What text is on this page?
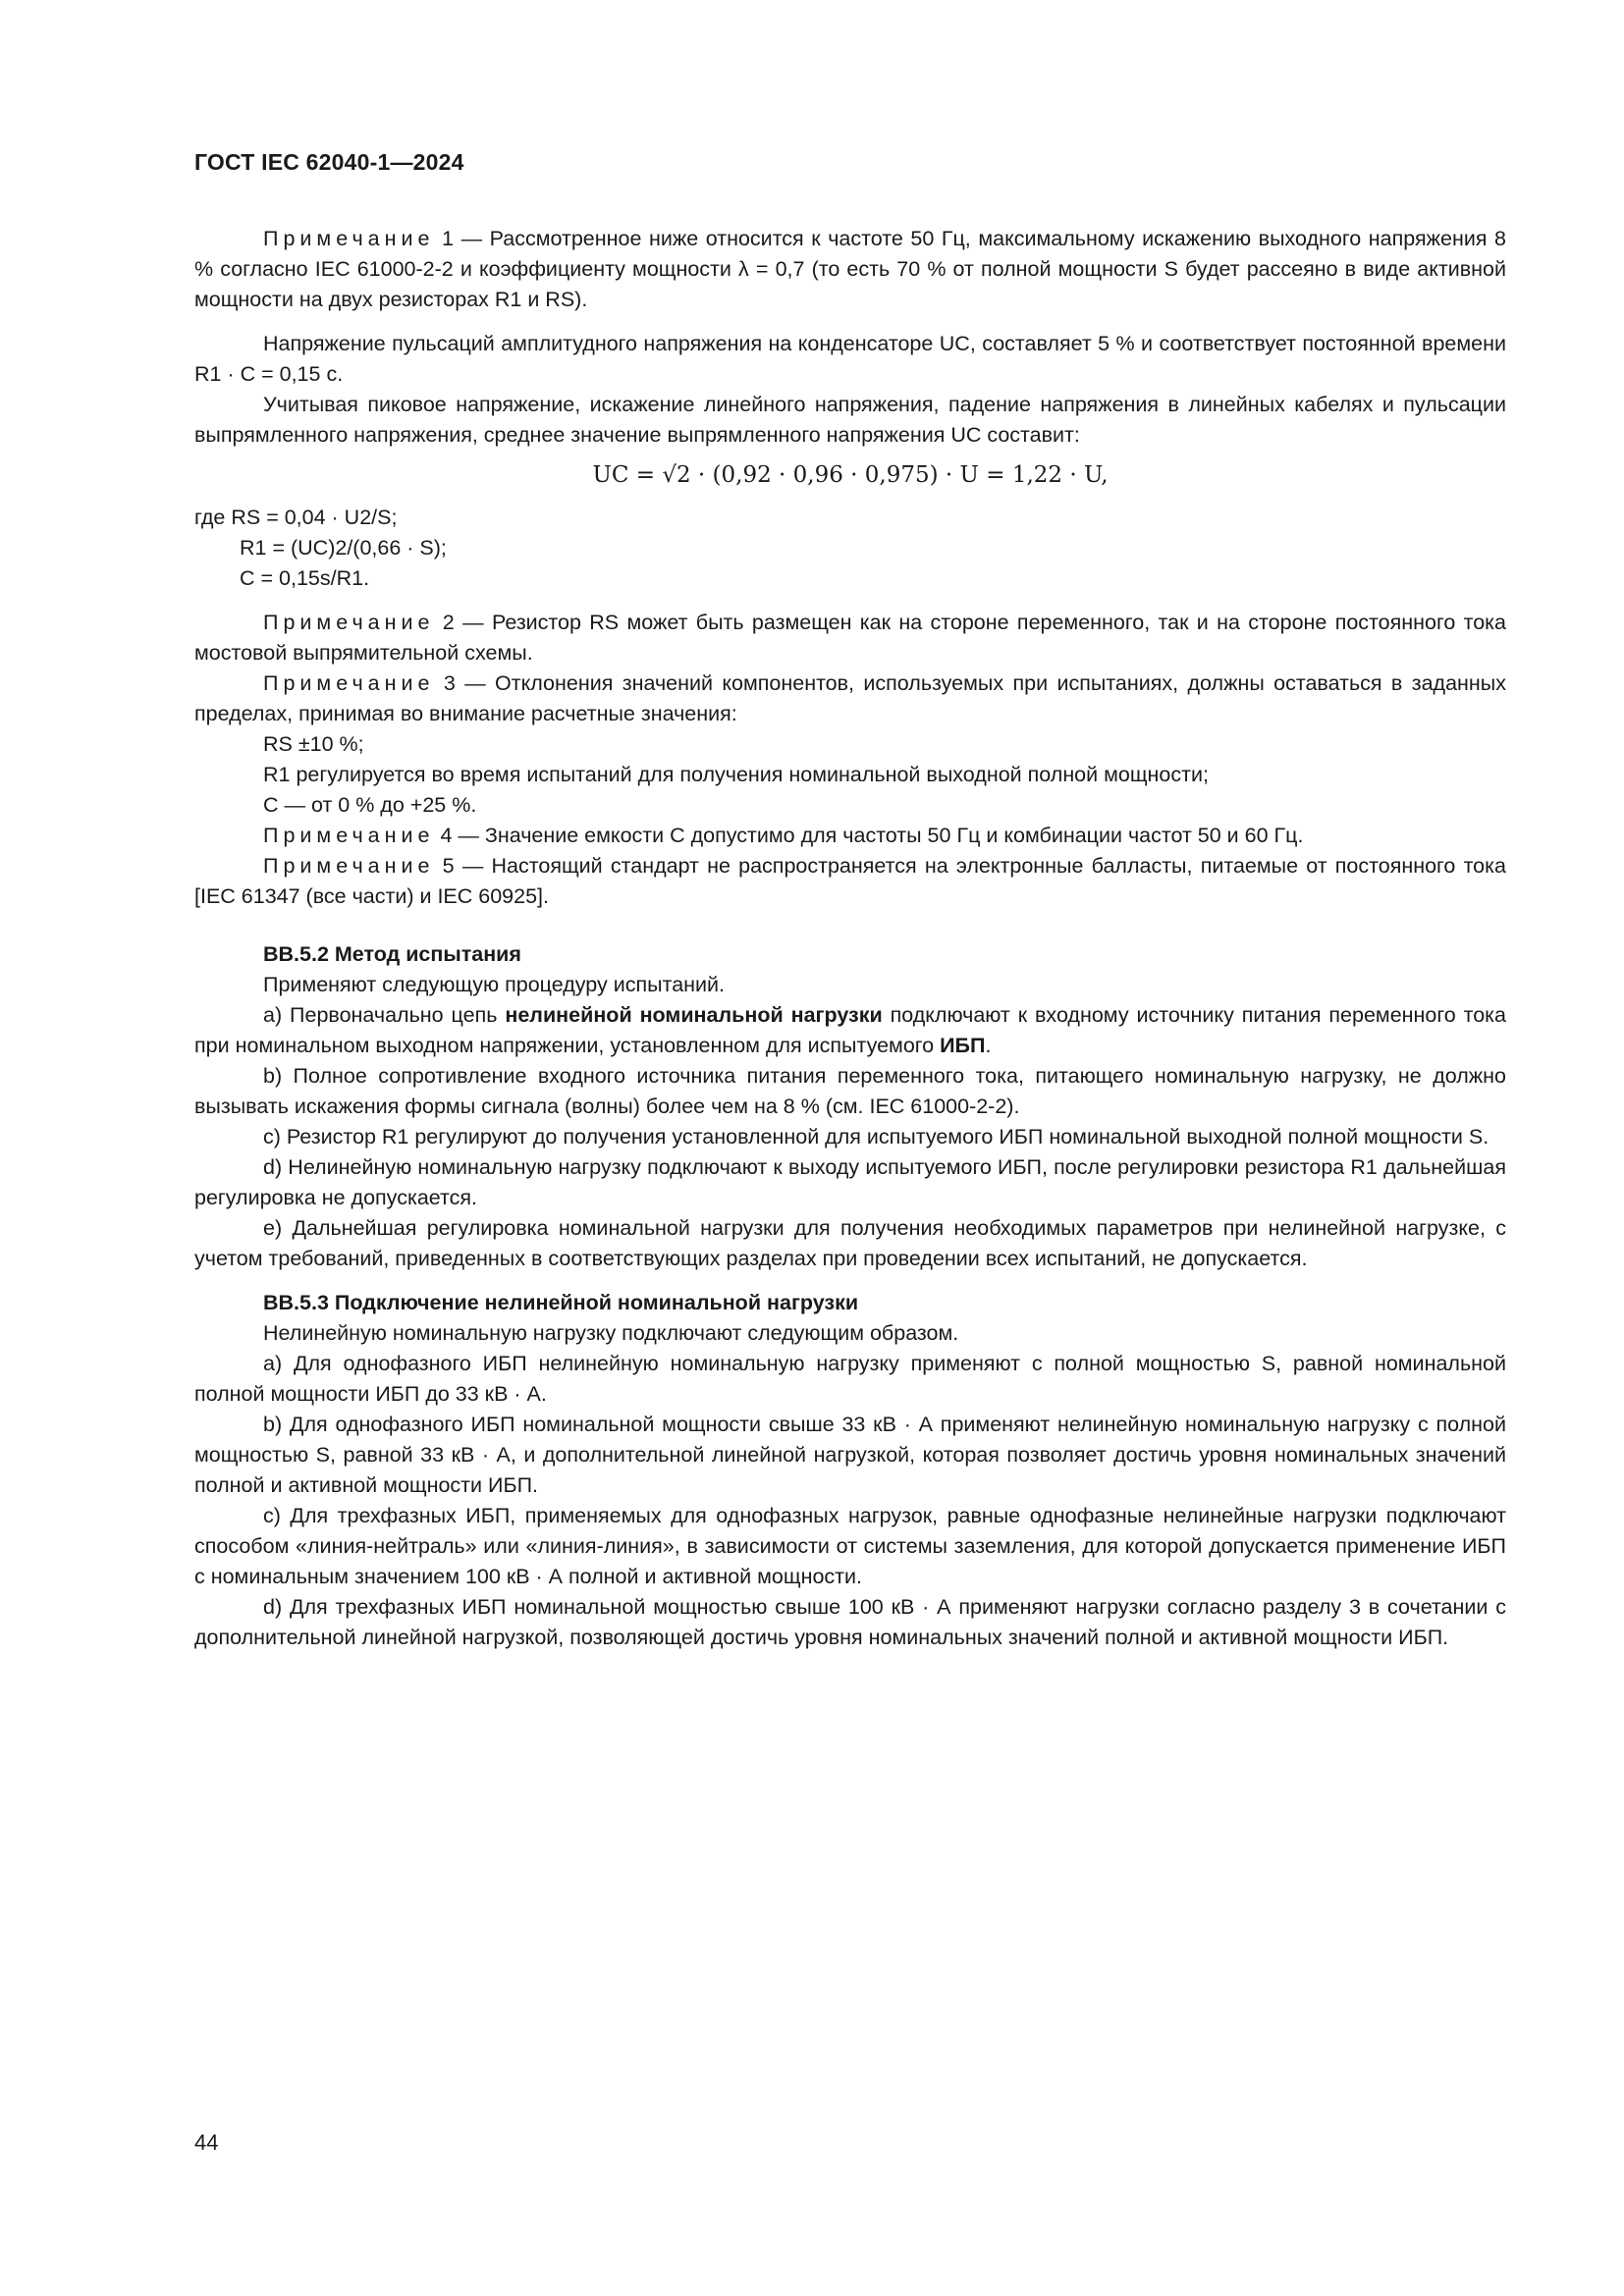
ГОСТ IEC 62040-1—2024

Примечание 1 — Рассмотренное ниже относится к частоте 50 Гц, максимальному искажению выходного напряжения 8 % согласно IEC 61000-2-2 и коэффициенту мощности λ = 0,7 (то есть 70 % от полной мощности S будет рассеяно в виде активной мощности на двух резисторах R1 и RS).

Напряжение пульсаций амплитудного напряжения на конденсаторе UC, составляет 5 % и соответствует постоянной времени R1 · C = 0,15 с.

Учитывая пиковое напряжение, искажение линейного напряжения, падение напряжения в линейных кабелях и пульсации выпрямленного напряжения, среднее значение выпрямленного напряжения UC составит:

UC = √2 · (0,92 · 0,96 · 0,975) · U = 1,22 · U,

где RS = 0,04 · U2/S;

R1 = (UC)2/(0,66 · S);

C = 0,15s/R1.

Примечание 2 — Резистор RS может быть размещен как на стороне переменного, так и на стороне постоянного тока мостовой выпрямительной схемы.

Примечание 3 — Отклонения значений компонентов, используемых при испытаниях, должны оставаться в заданных пределах, принимая во внимание расчетные значения:

RS ±10 %;

R1 регулируется во время испытаний для получения номинальной выходной полной мощности;

C — от 0 % до +25 %.

Примечание 4 — Значение емкости C допустимо для частоты 50 Гц и комбинации частот 50 и 60 Гц.

Примечание 5 — Настоящий стандарт не распространяется на электронные балласты, питаемые от постоянного тока [IEC 61347 (все части) и IEC 60925].

ВВ.5.2 Метод испытания

Применяют следующую процедуру испытаний.

а) Первоначально цепь нелинейной номинальной нагрузки подключают к входному источнику питания переменного тока при номинальном выходном напряжении, установленном для испытуемого ИБП.

b) Полное сопротивление входного источника питания переменного тока, питающего номинальную нагрузку, не должно вызывать искажения формы сигнала (волны) более чем на 8 % (см. IEC 61000-2-2).

c) Резистор R1 регулируют до получения установленной для испытуемого ИБП номинальной выходной полной мощности S.

d) Нелинейную номинальную нагрузку подключают к выходу испытуемого ИБП, после регулировки резистора R1 дальнейшая регулировка не допускается.

e) Дальнейшая регулировка номинальной нагрузки для получения необходимых параметров при нелинейной нагрузке, с учетом требований, приведенных в соответствующих разделах при проведении всех испытаний, не допускается.

ВВ.5.3 Подключение нелинейной номинальной нагрузки

Нелинейную номинальную нагрузку подключают следующим образом.

а) Для однофазного ИБП нелинейную номинальную нагрузку применяют с полной мощностью S, равной номинальной полной мощности ИБП до 33 кВ · А.

b) Для однофазного ИБП номинальной мощности свыше 33 кВ · А применяют нелинейную номинальную нагрузку с полной мощностью S, равной 33 кВ · А, и дополнительной линейной нагрузкой, которая позволяет достичь уровня номинальных значений полной и активной мощности ИБП.

c) Для трехфазных ИБП, применяемых для однофазных нагрузок, равные однофазные нелинейные нагрузки подключают способом «линия-нейтраль» или «линия-линия», в зависимости от системы заземления, для которой допускается применение ИБП с номинальным значением 100 кВ · А полной и активной мощности.

d) Для трехфазных ИБП номинальной мощностью свыше 100 кВ · А применяют нагрузки согласно разделу 3 в сочетании с дополнительной линейной нагрузкой, позволяющей достичь уровня номинальных значений полной и активной мощности ИБП.

44
